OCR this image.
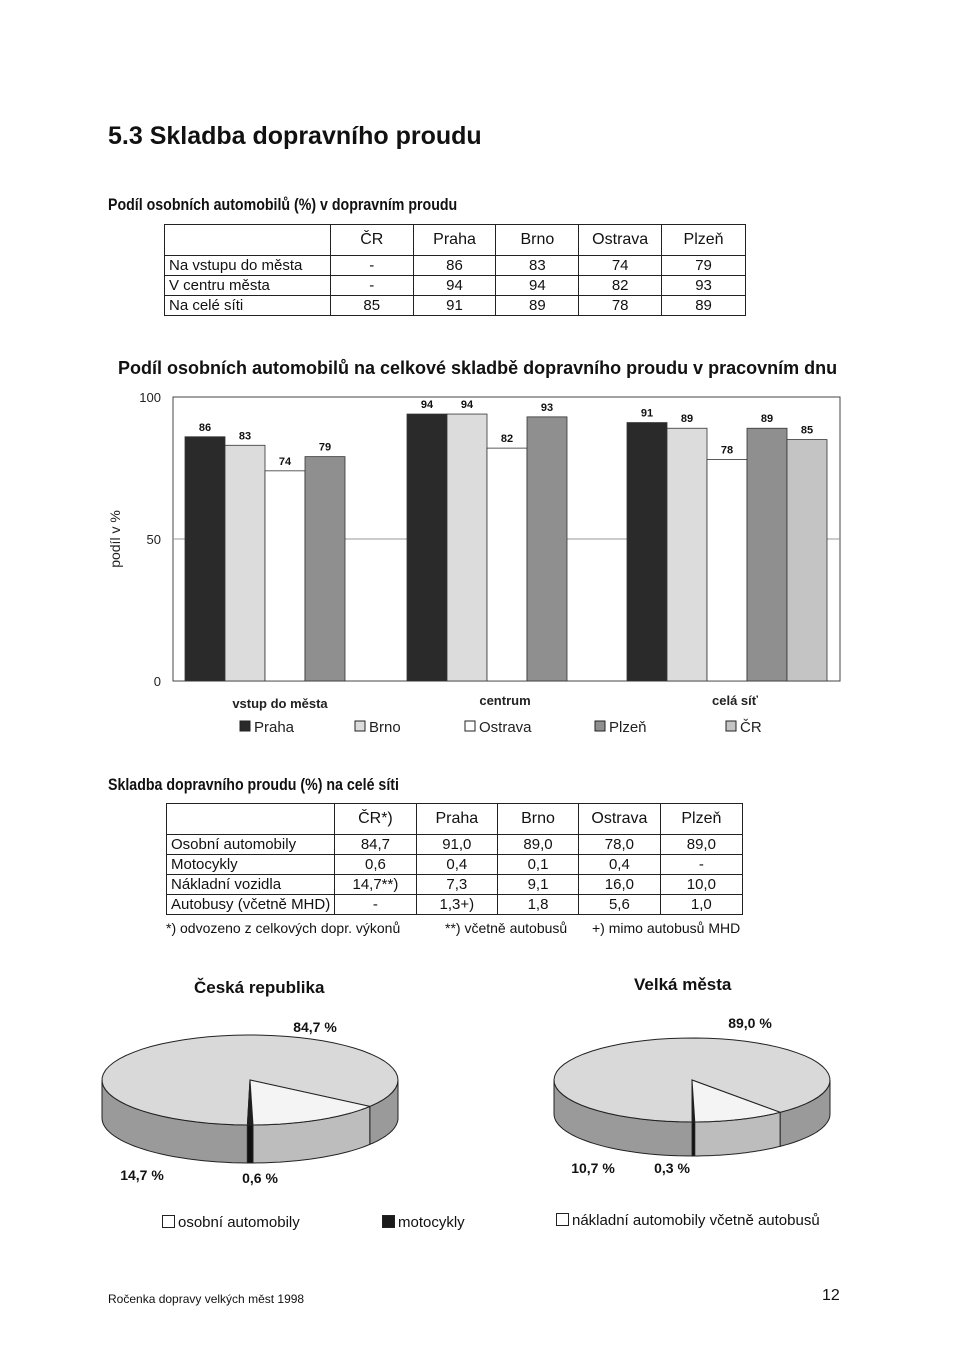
5.3 Skladba dopravního proudu
Podíl osobních automobilů (%) v dopravním proudu
	ČR	Praha	Brno	Ostrava	Plzeň
Na vstupu do města	-	86	83	74	79
V centru města	-	94	94	82	93
Na celé síti	85	91	89	78	89
Podíl osobních automobilů na celkové skladbě dopravního proudu v pracovním dnu
0
50
100
podíl v %
86
83
74
79
94	94
82
93	91	89
78
89
85
vstup do města	centrum	celá síť
Praha	Brno	Ostrava	Plzeň	ČR
Skladba dopravního proudu (%) na celé síti
	ČR*)	Praha	Brno	Ostrava	Plzeň
Osobní automobily	84,7	91,0	89,0	78,0	89,0
Motocykly	0,6	0,4	0,1	0,4	-
Nákladní vozidla	14,7**)	7,3	9,1	16,0	10,0
Autobusy (včetně MHD)	-	1,3+)	1,8	5,6	1,0
*) odvozeno z celkových dopr. výkonů	**) včetně autobusů +) mimo autobusů MHD
Česká republika	Velká města
84,7 %
14,7 %	0,6 %
89,0 %
10,7 %	0,3 %
osobní automobily	motocykly	nákladní automobily včetně autobusů
Ročenka dopravy velkých měst 1998	12
